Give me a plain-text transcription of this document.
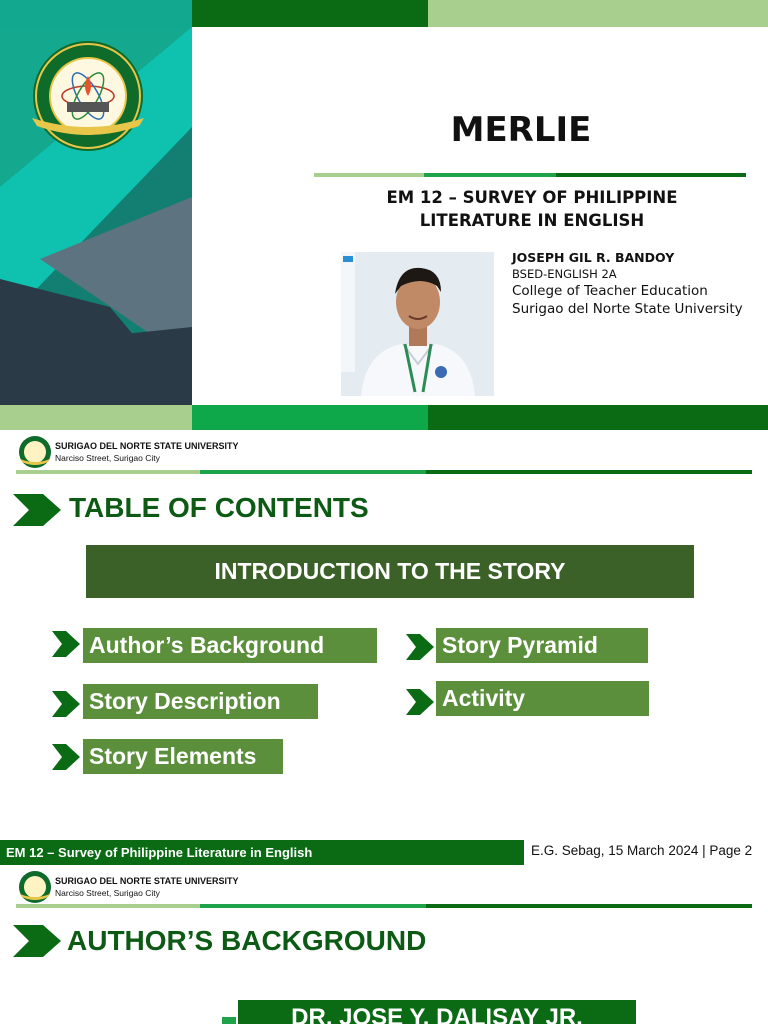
MERLIE
EM 12 – SURVEY OF PHILIPPINE
LITERATURE IN ENGLISH
JOSEPH GIL R. BANDOY
BSED-ENGLISH 2A
College of Teacher Education
Surigao del Norte State University
SURIGAO DEL NORTE STATE UNIVERSITY
Narciso Street, Surigao City
TABLE OF CONTENTS
INTRODUCTION TO THE STORY
Author’s Background
Story Description
Story Elements
Story Pyramid
Activity
EM 12 – Survey of Philippine Literature in English	E.G. Sebag, 15 March 2024 | Page 2
SURIGAO DEL NORTE STATE UNIVERSITY
Narciso Street, Surigao City
AUTHOR’S BACKGROUND
DR. JOSE Y. DALISAY JR.
